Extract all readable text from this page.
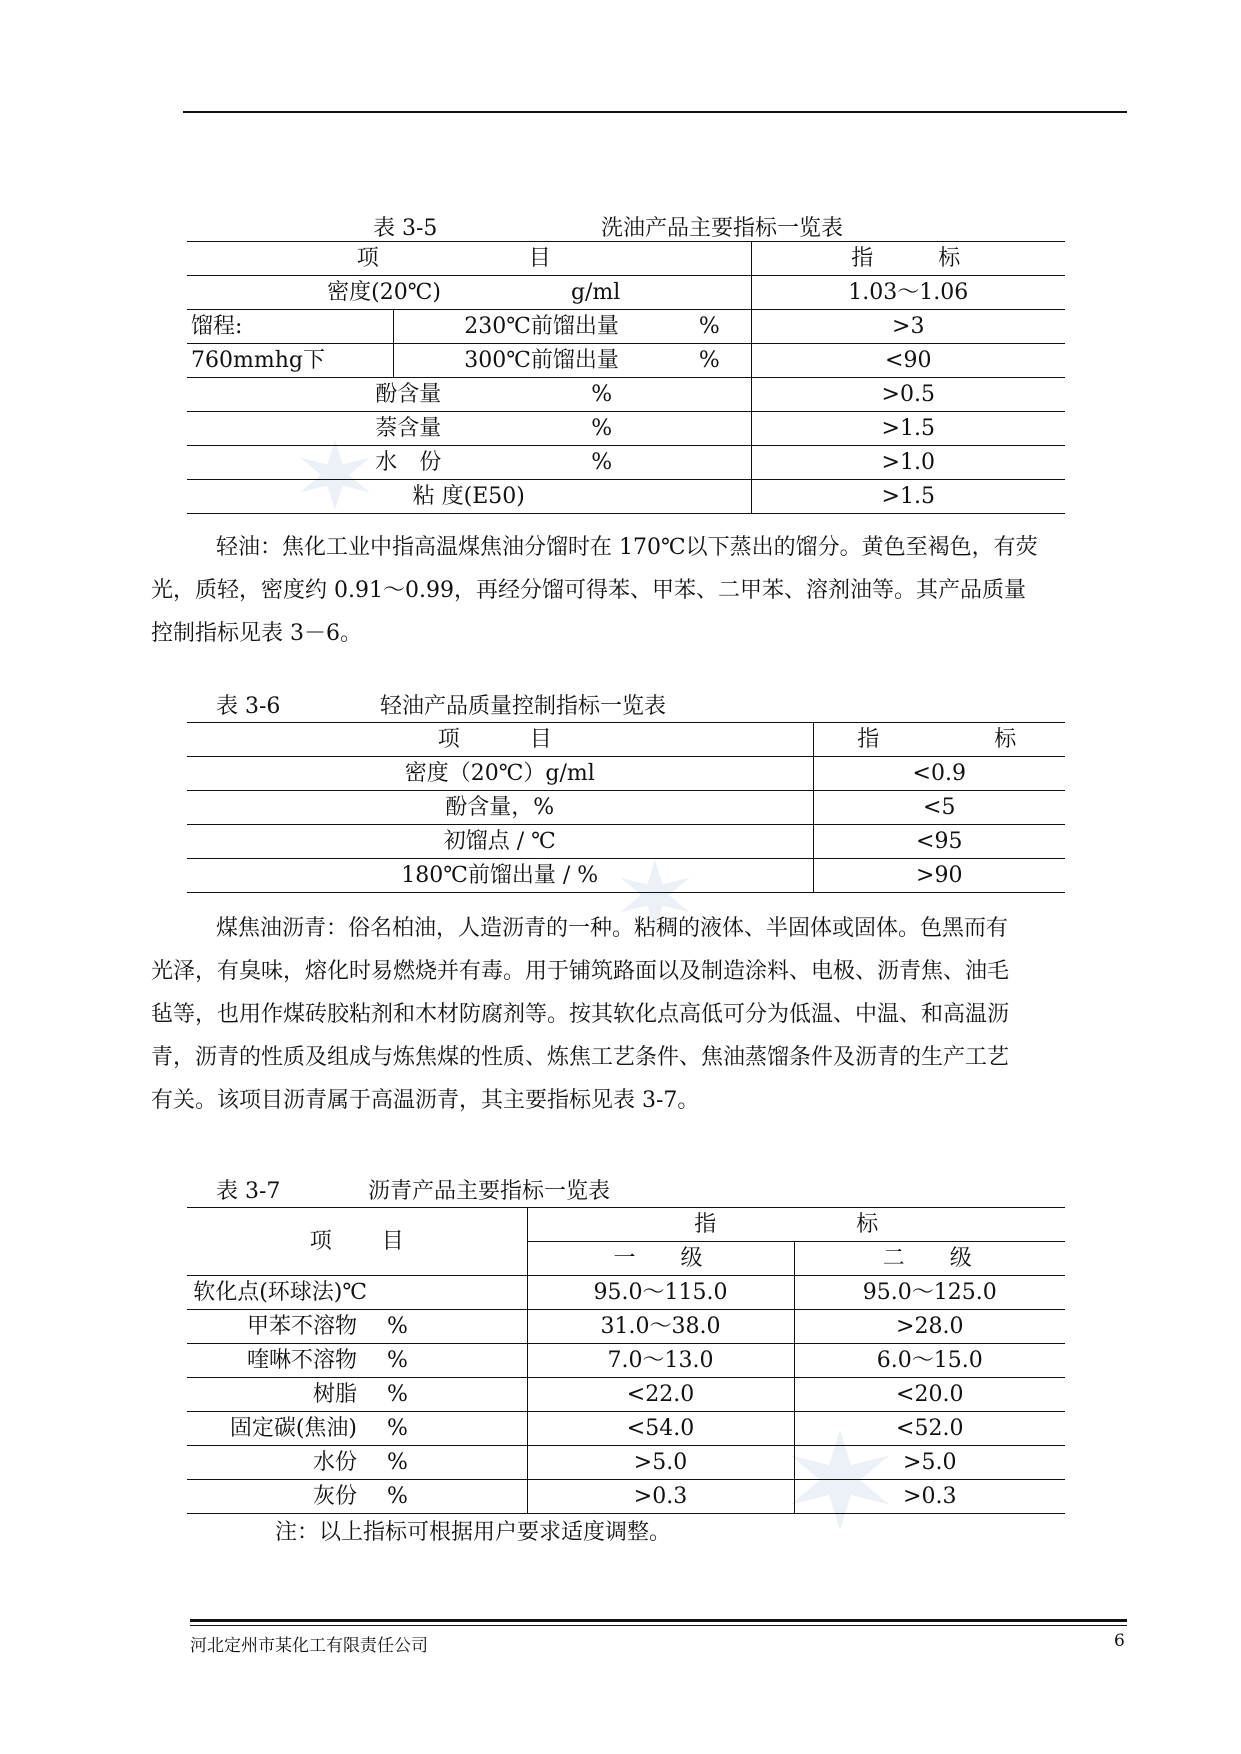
表 3-5	洗油产品主要指标一览表
项 目		指 标
密度(20℃) g/ml		1.03～1.06
馏程:	230℃前馏出量 %	>3
760mmhg下	300℃前馏出量 %	<90
酚含量 %		>0.5
萘含量 %		>1.5
水　份 %		>1.0
粘 度(E50)		>1.5

轻油：焦化工业中指高温煤焦油分馏时在 170℃以下蒸出的馏分。黄色至褐色，有荧
光，质轻，密度约 0.91～0.99，再经分馏可得苯、甲苯、二甲苯、溶剂油等。其产品质量
控制指标见表 3－6。

表 3-6	轻油产品质量控制指标一览表
项 目	指 标
密度（20℃）g/ml	<0.9
酚含量，%	<5
初馏点 / ℃	<95
180℃前馏出量 / %	>90

煤焦油沥青：俗名柏油，人造沥青的一种。粘稠的液体、半固体或固体。色黑而有
光泽，有臭味，熔化时易燃烧并有毒。用于铺筑路面以及制造涂料、电极、沥青焦、油毛
毡等，也用作煤砖胶粘剂和木材防腐剂等。按其软化点高低可分为低温、中温、和高温沥
青，沥青的性质及组成与炼焦煤的性质、炼焦工艺条件、焦油蒸馏条件及沥青的生产工艺
有关。该项目沥青属于高温沥青，其主要指标见表 3-7。

表 3-7	沥青产品主要指标一览表
项 目		指 标	
		一 级	二 级
软化点(环球法)℃		95.0～115.0	95.0～125.0
甲苯不溶物	%	31.0～38.0	>28.0
喹啉不溶物	%	7.0～13.0	6.0～15.0
树脂	%	<22.0	<20.0
固定碳(焦油)	%	<54.0	<52.0
水份	%	>5.0	>5.0
灰份	%	>0.3	>0.3
注：以上指标可根据用户要求适度调整。
河北定州市某化工有限责任公司	6
